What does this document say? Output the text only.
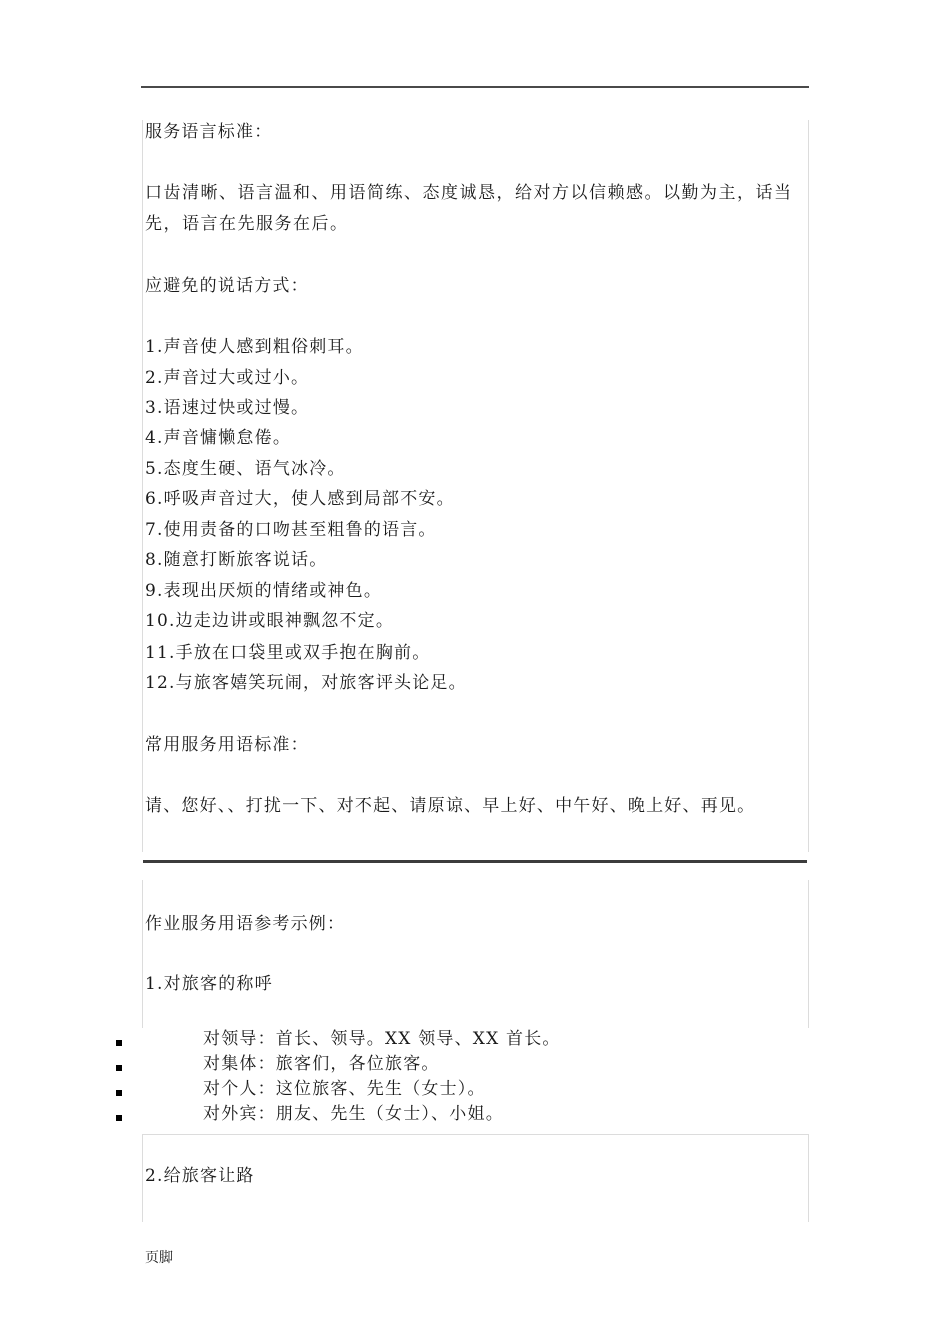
服务语言标准：

口齿清晰、语言温和、用语简练、态度诚恳，给对方以信赖感。以勤为主，话当先，语言在先服务在后。

应避免的说话方式：

1.声音使人感到粗俗刺耳。

2.声音过大或过小。

3.语速过快或过慢。

4.声音慵懒怠倦。

5.态度生硬、语气冰冷。

6.呼吸声音过大，使人感到局部不安。

7.使用责备的口吻甚至粗鲁的语言。

8.随意打断旅客说话。

9.表现出厌烦的情绪或神色。

10.边走边讲或眼神飘忽不定。

11.手放在口袋里或双手抱在胸前。

12.与旅客嬉笑玩闹，对旅客评头论足。

常用服务用语标准：

请、您好、、打扰一下、对不起、请原谅、早上好、中午好、晚上好、再见。

作业服务用语参考示例：

1.对旅客的称呼

对领导：首长、领导。XX 领导、XX 首长。

对集体：旅客们，各位旅客。

对个人：这位旅客、先生（女士）。

对外宾：朋友、先生（女士）、小姐。

2.给旅客让路

页脚
